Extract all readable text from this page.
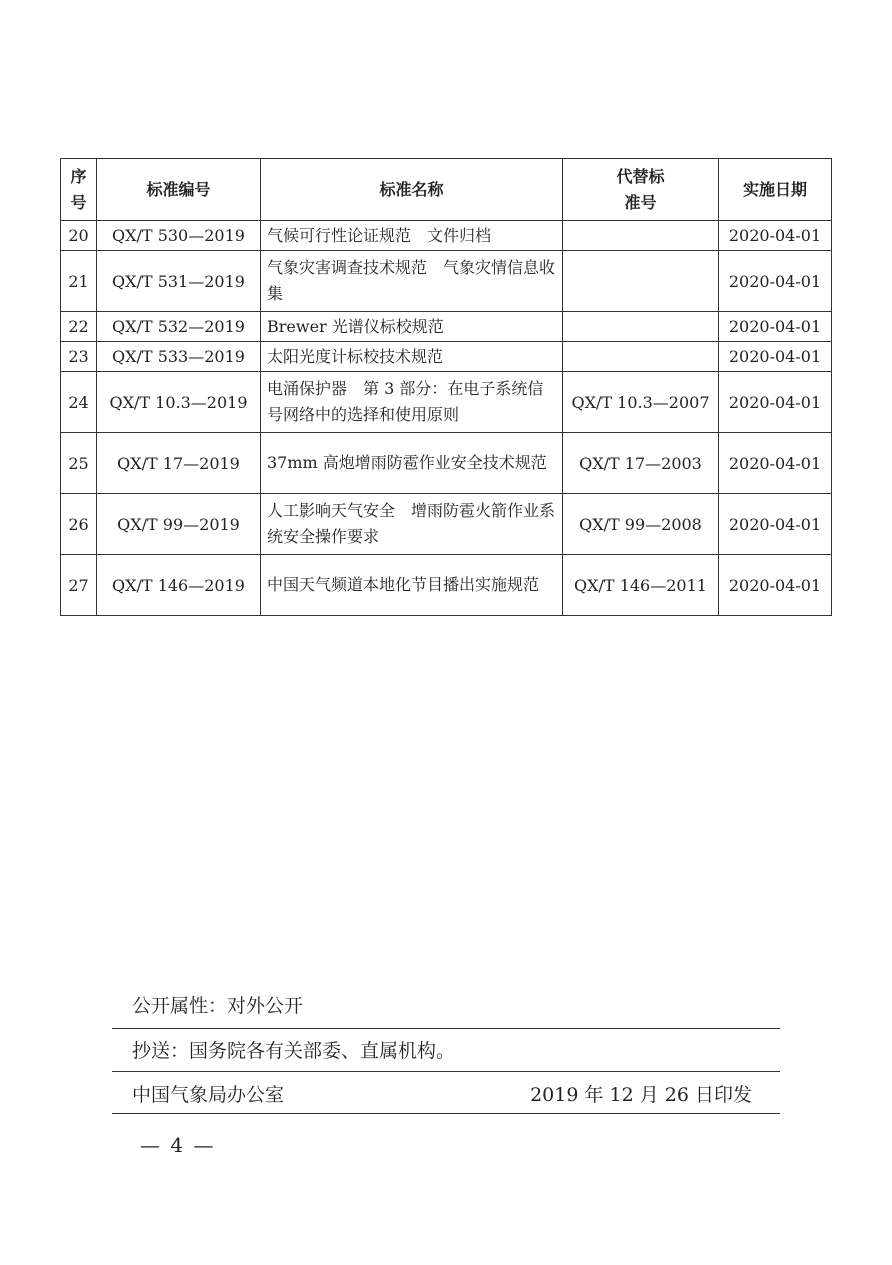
序号	标准编号	标准名称	代替标准号	实施日期
20	QX/T 530—2019	气候可行性论证规范　文件归档		2020-04-01
21	QX/T 531—2019	气象灾害调查技术规范　气象灾情信息收集		2020-04-01
22	QX/T 532—2019	Brewer 光谱仪标校规范		2020-04-01
23	QX/T 533—2019	太阳光度计标校技术规范		2020-04-01
24	QX/T 10.3—2019	电涌保护器　第 3 部分：在电子系统信号网络中的选择和使用原则	QX/T 10.3—2007	2020-04-01
25	QX/T 17—2019	37mm 高炮增雨防雹作业安全技术规范	QX/T 17—2003	2020-04-01
26	QX/T 99—2019	人工影响天气安全　增雨防雹火箭作业系统安全操作要求	QX/T 99—2008	2020-04-01
27	QX/T 146—2019	中国天气频道本地化节目播出实施规范	QX/T 146—2011	2020-04-01
公开属性：对外公开
抄送：国务院各有关部委、直属机构。
中国气象局办公室	2019 年 12 月 26 日印发
— 4 —
